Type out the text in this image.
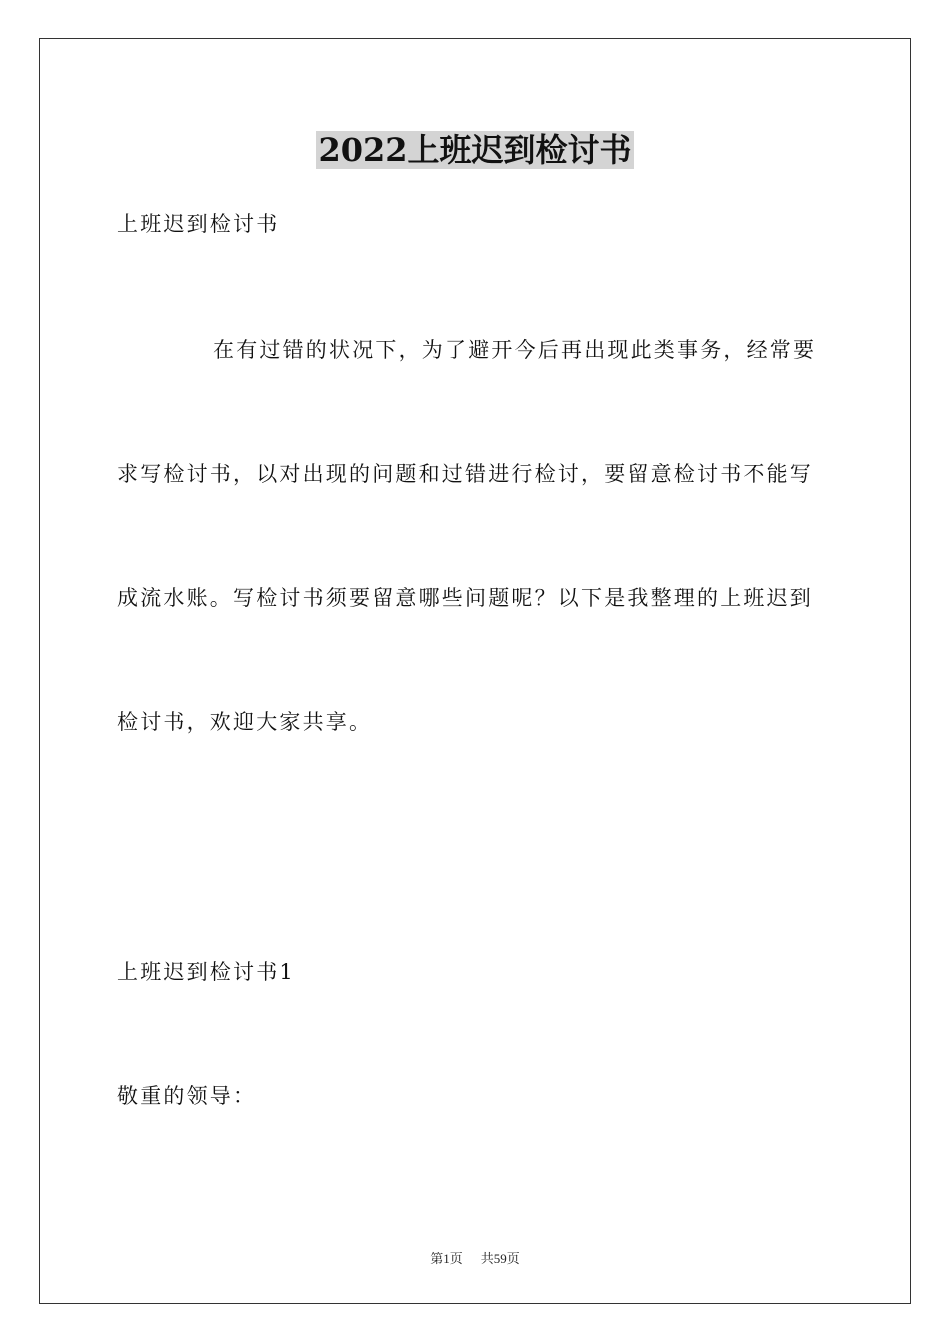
2022上班迟到检讨书

上班迟到检讨书

在有过错的状况下，为了避开今后再出现此类事务，经常要

求写检讨书，以对出现的问题和过错进行检讨，要留意检讨书不能写

成流水账。写检讨书须要留意哪些问题呢？以下是我整理的上班迟到

检讨书，欢迎大家共享。

上班迟到检讨书1

敬重的领导：

第1页 共59页
